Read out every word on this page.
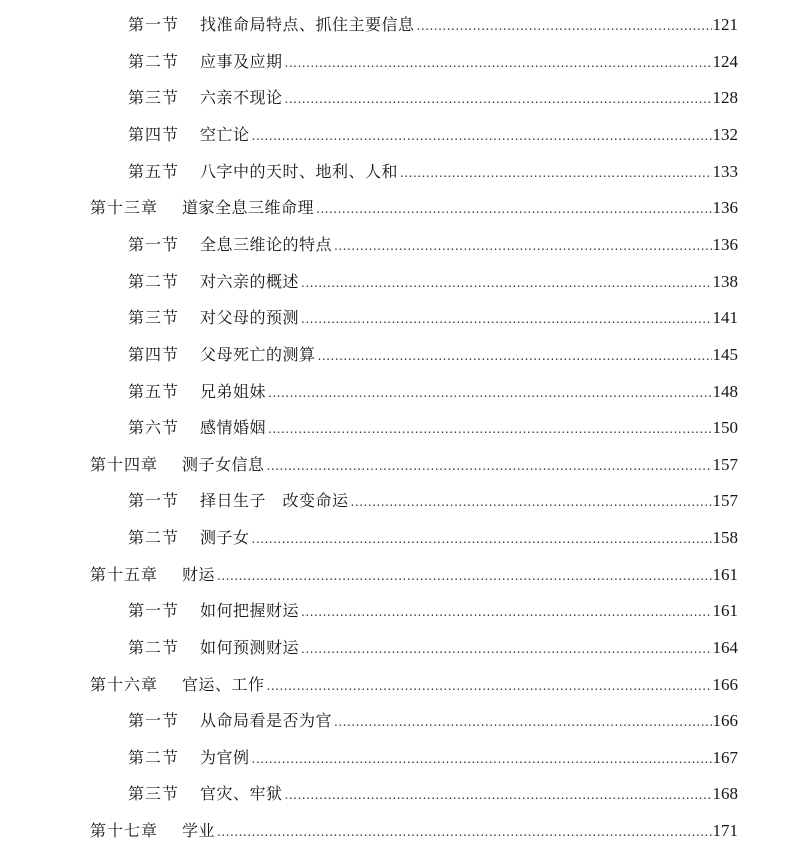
第一节	找准命局特点、抓住主要信息 .....	121
第二节	应事及应期 .....	124
第三节	六亲不现论 .....	128
第四节	空亡论 .....	132
第五节	八字中的天时、地利、人和 .....	133
第十三章	道家全息三维命理 .....	136
第一节	全息三维论的特点 .....	136
第二节	对六亲的概述 .....	138
第三节	对父母的预测 .....	141
第四节	父母死亡的测算 .....	145
第五节	兄弟姐妹 .....	148
第六节	感情婚姻 .....	150
第十四章	测子女信息 .....	157
第一节	择日生子　改变命运 .....	157
第二节	测子女 .....	158
第十五章	财运 .....	161
第一节	如何把握财运 .....	161
第二节	如何预测财运 .....	164
第十六章	官运、工作 .....	166
第一节	从命局看是否为官 .....	166
第二节	为官例 .....	167
第三节	官灾、牢狱 .....	168
第十七章	学业 .....	171
